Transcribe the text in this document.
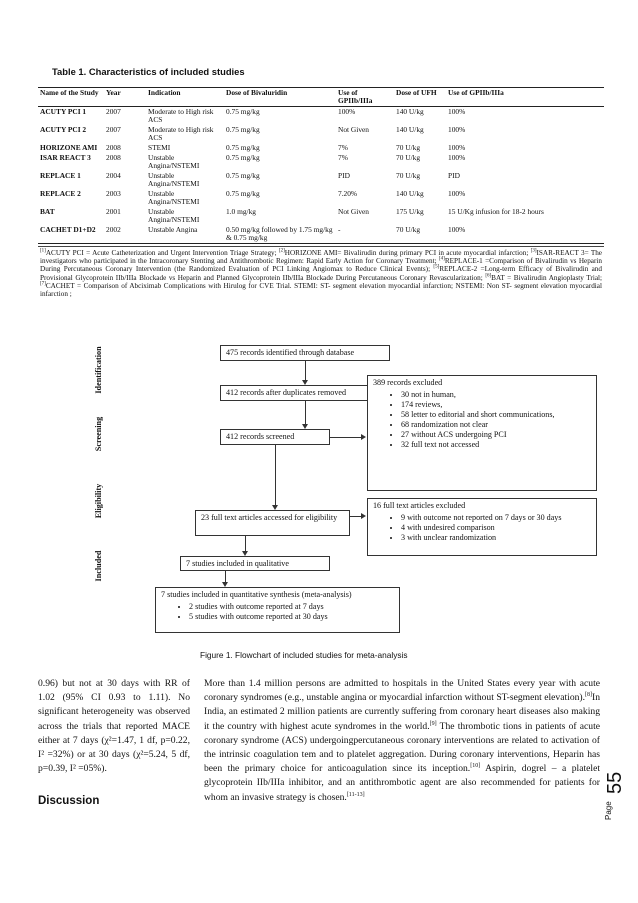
Table 1. Characteristics of included studies
Name of the Study	Year	Indication	Dose of Bivaluridin	Use of GPIIb/IIIa	Dose of UFH	Use of GPIIb/IIIa
ACUTY PCI 1	2007	Moderate to High risk ACS	0.75 mg/kg	100%	140 U/kg	100%
ACUTY PCI 2	2007	Moderate to High risk ACS	0.75 mg/kg	Not Given	140 U/kg	100%
HORIZONE AMI	2008	STEMI	0.75 mg/kg	7%	70 U/kg	100%
ISAR REACT 3	2008	Unstable Angina/NSTEMI	0.75 mg/kg	7%	70 U/kg	100%
REPLACE 1	2004	Unstable Angina/NSTEMI	0.75 mg/kg	PID	70 U/kg	PID
REPLACE 2	2003	Unstable Angina/NSTEMI	0.75 mg/kg	7.20%	140 U/kg	100%
BAT	2001	Unstable Angina/NSTEMI	1.0 mg/kg	Not Given	175 U/kg	15 U/Kg infusion for 18-2 hours
CACHET D1+D2	2002	Unstable Angina	0.50 mg/kg followed by 1.75 mg/kg & 0.75 mg/kg	-	70 U/kg	100%
[1]ACUTY PCI = Acute Catheterization and Urgent Intervention Triage Strategy; [2]HORIZONE AMI= Bivalirudin during primary PCI in acute myocardial infarction; [3]ISAR-REACT 3= The investigators who participated in the Intracoronary Stenting and Antithrombotic Regimen: Rapid Early Action for Coronary Treatment; [4]REPLACE-1 =Comparison of Bivalirudin vs Heparin During Percutaneous Coronary Intervention (the Randomized Evaluation of PCI Linking Angiomax to Reduce Clinical Events); [5]REPLACE-2 =Long-term Efficacy of Bivalirudin and Provisional Glycoprotein IIb/IIIa Blockade vs Heparin and Planned Glycoprotein IIb/IIIa Blockade During Percutaneous Coronary Revascularization; [6]BAT = Bivalirudin Angioplasty Trial; [7]CACHET = Comparison of Abciximab Complications with Hirulog for CVE Trial. STEMI: ST- segment elevation myocardial infarction; NSTEMI: Non ST- segment elevation myocardial infarction ;
Identification
Screening
Eligibility
Included
475 records identified through database
412 records after duplicates removed
412 records screened
389 records excluded
• 30 not in human,
• 174 reviews,
• 58 letter to editorial and short communications,
• 68 randomization not clear
• 27 without ACS undergoing PCI
• 32 full text not accessed
23 full text articles accessed for eligibility
16 full text articles excluded
• 9 with outcome not reported on 7 days or 30 days
• 4 with undesired comparison
• 3 with unclear randomization
7 studies included in qualitative
7 studies included in quantitative synthesis (meta-analysis)
• 2 studies with outcome reported at 7 days
• 5 studies with outcome reported at 30 days
Figure 1. Flowchart of included studies for meta-analysis

0.96) but not at 30 days with RR of 1.02 (95% CI 0.93 to 1.11). No significant heterogeneity was observed across the trials that reported MACE either at 7 days (χ²=1.47, 1 df, p=0.22, I² =32%) or at 30 days (χ²=5.24, 5 df, p=0.39, I² =05%).

Discussion

More than 1.4 million persons are admitted to hospitals in the United States every year with acute coronary syndromes (e.g., unstable angina or myocardial infarction without ST-segment elevation).[8]In India, an estimated 2 million patients are currently suffering from coronary heart diseases also making it the country with highest acute syndromes in the world.[9] The thrombotic tions in patients of acute coronary syndrome (ACS) undergoingpercutaneous coronary interventions are related to activation of the intrinsic coagulation tem and to platelet aggregation. During coronary interventions, Heparin has been the primary choice for anticoagulation since its inception.[10] Aspirin, dogrel – a platelet glycoprotein IIb/IIIa inhibitor, and an antithrombotic agent are also recommended for patients for whom an invasive strategy is chosen.[11-13]

55
Page
